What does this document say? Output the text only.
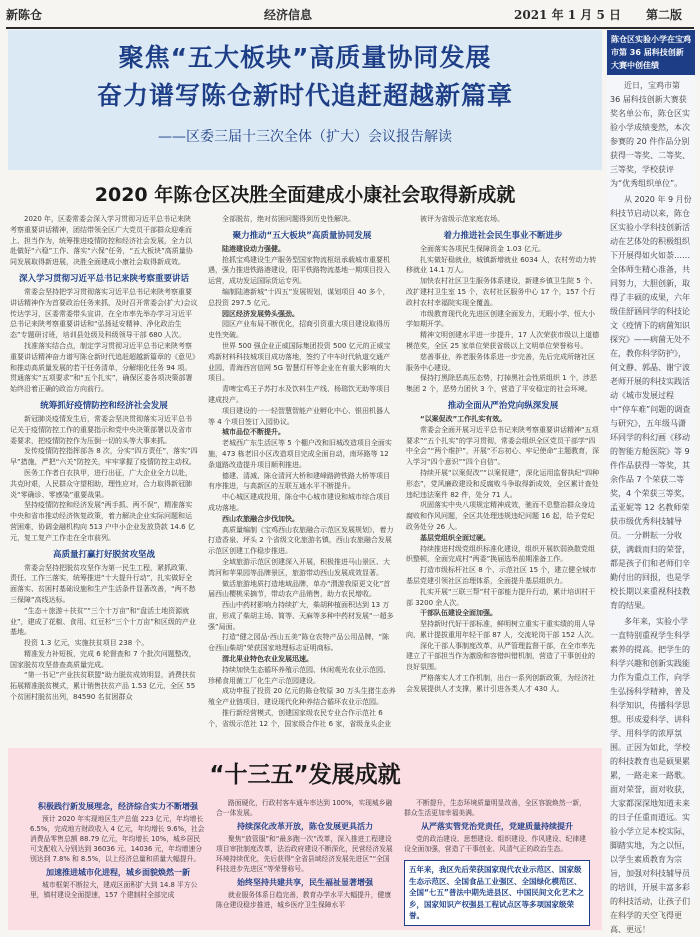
新陈仓	经济信息	2021 年 1 月 5 日 第二版
聚焦“五大板块”高质量协同发展
奋力谱写陈仓新时代追赶超越新篇章
——区委三届十三次全体（扩大）会议报告解读
2020 年陈仓区决胜全面建成小康社会取得新成就

2020 年，区委常委会深入学习贯彻习近平总书记来陕考察重要讲话精神，团结带领全区广大党员干部群众迎难而上、担当作为，统筹推进疫情防控和经济社会发展，全力以赴做好“六稳”工作、落实“六保”任务，“五大板块”高质量协同发展取得新进展，决胜全面建成小康社会取得新成效。

深入学习贯彻习近平总书记来陕考察重要讲话

常委会坚持把学习贯彻落实习近平总书记来陕考察重要讲话精神作为首要政治任务来抓，及时召开常委会(扩大)会议传达学习，区委常委带头宣讲，在全市率先举办学习习近平总书记来陕考察重要讲话和“弘扬延安精神、净化政治生态”专题研讨班，培训县处级及科级领导干部 680 人次。

找准落实结合点，制定学习贯彻习近平总书记来陕考察重要讲话精神奋力谱写陈仓新时代追赶超越新篇章的《意见》和推动高质量发展的若干任务清单，分解细化任务 94 项。贯通落实“五项要求”和“五个扎实”，确保区委各项决策部署始终沿着正确的政治方向前行。

统筹抓好疫情防控和经济社会发展

新冠肺炎疫情发生后，常委会坚决贯彻落实习近平总书记关于疫情防控工作的重要指示和党中央决策部署以及省市委要求，把疫情防控作为压倒一切的头等大事来抓。

发传疫情防控指挥部各 8 次，分实“四方责任”，落实“四早”措施，严把“六关”防控关，牢牢掌握了疫情防控主动权。

医务工作者白衣执甲，进行出征，广大企业全力以赴，共克时艰，人民群众守望相助，理性应对，合力取得新冠肺炎“零确诊、零感染”重要战果。

坚持疫情防控和经济发展“两手抓、两不误”，精准落实中央和省市推动经济恢复政策，着力解决企业实际问题和运营困难，协调金融机构向 513 户中小企业发放贷款 14.6 亿元，复工复产工作走在全市前列。

高质量打赢打好脱贫攻坚战

常委会坚持把脱贫攻坚作为第一民生工程，紧抓政策、责任、工作三落实，统筹推进“十大提升行动”，扎实做好全面落实、贫困村基础设施和生产生活条件显著改善，“两不愁三保障”高线达标。

“生态＋旅游＋扶贫”“三个十万亩”和“盘活土地资源就业”，建成了花椒、食用、红豆杉“三个十万亩”和区级的产业基地。

投资 1.3 亿元，实施扶贫项目 238 个。

精准发力补短板，完成 6 轮督查和 7 个批次问题整改，国家脱贫攻坚普查高质量完成。

“第一书记”产业扶贫联盟“助力脱贫成效明显，消费扶贫拓展精准脱贫模式，累计销售扶贫产品 1.53 亿元，全区 55 个贫困村脱贫出列，84590 名贫困群众

全部脱贫，绝对贫困问题得到历史性解决。

聚力推动“五大板块”高质量协同发展

陆港建设动力强健。

抢抓宝鸡建设生产服务型国家物流枢纽承载城市重要机遇，强力推进铁路港建设，阳平铁路物流基地一期项目投入运营，成功发运国际货运专列。

编制陆港新城“十四五”发展规划，谋划项目 40 多个，总投资 297.5 亿元。

园区经济发展势头强劲。

园区产业布局不断优化，招商引资重大项目建设取得历史性突破。

世界 500 强企业正威国际集团投资 500 亿元的正威宝鸡新材料科技城项目成功落地，签约了中车时代轨道交通产业园、青海西宫信网 5G 智慧灯杆等企业在有重大影响的大项目。

青啤宝鸡王子苏打水及饮料生产线、杨瑞饮无助等项目建成投产。

项目建设的一一轻智慧智能产业孵化中心、银田机器人等 4 个项目签订入园协议。

城市品位不断提升。

老城西广东生活区等 5 个棚户改和旧城改造项目全面实施，473 栋老旧小区改造项目完成全面自动，南环路等 12 条道路改造提升项目顺利推进。

德建、清减、陈仓清河大桥和建峰路跨铁路大桥等项目有序推进，与高新区的互联互通水平不断提升。

中心城区建成投用，陈仓中心城市建设和城市综合项目成功落地。

西山农旅融合步伐加快。

高质量编制《宝鸡西山农旅融合示范区发展规划》，着力打造香泉、坪头 2 个省级文化旅游名镇，西山农旅融合发展示范区创建工作稳步推进。

全域旅游示范区创建深入开展，积极推进马山景区、大湾河和苹果园等品牌景区，旅游带动西山发展成效显著。

做活旅游地质打造地域品牌，单办“渭游我原更文化”首届西山樱桃采摘节，带动农产品销售，助力农民增收。

西山中药材影响力持续扩大，柴胡种植面积达到 13 万亩，形成了柴胡主场、简等、天麻等多种中药材发展“一超多强”局面。

打造“健之园品·西山五美”陈仓农特产品公用品牌，“陈仓西山柴胡”荣获国家地理标志证明商标。

渭北果业特色农业发展迅速。

持续加快生态循环养殖示范园、休闲观光农业示范园、珍稀食用菌工厂化生产示范园建设。

成功申报了投资 20 亿元的陈仓牧原 30 万头生猪生态养殖全产业链项目，建设现代化种养结合循环农业示范园。

推行新经营模式，创建国家级农民专业合作示范社 6 个，省级示范社 12 个，国家级合作社 6 家，省级龙头企业

被评为省级示范家庭农场。

着力推进社会民生事业不断进步

全面落实各项民生保障资金 1.03 亿元。

扎实做好稳就业，城镇新增就业 6034 人，农村劳动力转移就业 14.1 万人。

加快农村社区卫生服务体系建设，新建乡镇卫生院 5 个、改扩建村卫生室 15 个，农村社区服务中心 17 个，157 个行政村农村幸福院实现全覆盖。

市级教育现代化先进区创建全面发力，无暇小学、恒大小学如期开学。

精神文明创建水平进一步提升，17 人次荣获市级以上道德模范奖，全区 25 家单位荣获省级以上文明单位荣誉称号。

慈善事业，养老服务体系进一步完善，先后完成所辖社区服务中心建设。

保持打黑除恶高压态势，打掉黑社会性质组织 1 个，涉恶集团 2 个，恶势力团伙 3 个，营造了平安稳定的社会环境。

推动全面从严治党向纵深发展

“以案促改”工作扎实有效。

常委会全面开展习近平总书记来陕考察重要讲话精神“五项要求”“五个扎实”的学习贯彻，常委会组织全区党员干部学“四中全会”“两个维护”，开展“不忘初心、牢记使命”主题教育，深入学习“四个意识”“四个自信”。

持续开展“以案促改”“以案促建”，深化运用监督执纪“四种形态”，党风廉政建设和反腐败斗争取得新成效，全区累计查处违纪违法案件 82 件，处分 71 人。

巩固落实中央八项规定精神成效，驰而不息整治群众身边腐败和作风问题，全区共处理违规违纪问题 16 起，给予党纪政务处分 26 人。

基层党组织全面过硬。

持续推进村级党组织标准化建设，组织开展软弱涣散党组织整顿，全面完成村“两委”换届选举前期准备工作。

打造市级标杆社区 8 个、示范社区 15 个，建立健全城市基层党建引领社区治理体系，全面提升基层组织力。

扎实开展“三联三帮”村干部能力提升行动，累计培训村干部 3200 余人次。

干部队伍建设全面加强。

坚持新时代好干部标准，鲜明树立重实干重实绩的用人导向，累计提拔重用年轻干部 87 人，交流轮岗干部 152 人次。

深化干部人事制度改革，从严管理监督干部，在全市率先建立了干部担当作为激励和容错纠错机制，营造了干事创业的良好氛围。

严格落实人才工作机制，出台一系列创新政策，为经济社会发展提供人才支撑，累计引进各类人才 430 人。

陈仓区实验小学在宝鸡市第 36 届科技创新大赛中创佳绩

近日，宝鸡市第 36 届科技创新大赛获奖名单公布，陈仓区实验小学成绩斐然，本次参赛的 20 件作品分别获得一等奖、二等奖、三等奖，学校获评为“优秀组织单位”。

从 2020 年 9 月份科技节启动以来，陈仓区实验小学科技创新活动在艺体处的积极组织下开展得如火如荼……全体师生精心准备，共同努力，大胆创新，取得了丰硕的成果，六年级佳舒涵同学的科技论文《疫情下的病菌知识探究》——病菌无处不在，教你科学防护》，何文静、郭晶、谢宁波老师开展的科技实践活动《城市发展过程中“停车难”问题的调查与研究》，五年级马潇环同学的科幻画《移动的智能方舱医院》等 9 件作品获得一等奖，其余作品 7 个荣获二等奖，4 个荣获三等奖，孟亚妮等 12 名教师荣获市级优秀科技辅导员。一分耕耘一分收获，满载而归的荣誉，都是孩子们和老师们辛勤付出的回报，也是学校长期以来重视科技教育的结果。

多年来，实验小学一直特别重视学生科学素养的提高。把学生的科学兴趣和创新实践能力作为重点工作，向学生弘扬科学精神，普及科学知识，传播科学思想。形成爱科学、讲科学、用科学的浓厚氛围。正因为如此，学校的科技教育也是硕果累累，一路走来一路歌。面对荣誉，面对收获，大家都深深地知道未来的日子任重而道远。实验小学立足本校实际，脚踏实地，为之以恒，以学生素质教育为宗旨，加强对科技辅导员的培训，开展丰富多彩的科技活动，让孩子们在科学的天空飞得更高、更远！

“十三五”发展成就
积极践行新发展理念，经济综合实力不断增强

预计 2020 年实现地区生产总值 223 亿元，年均增长 6.5%，完成地方财政收入 4 亿元，年均增长 9.6%，社会消费品零售总额 88.79 亿元，年均增长 10%，城乡居民可支配收入分别达到 36036 元、14036 元，年均增速分别达到 7.8% 和 8.5%，以上经济总量和质量大幅提升。

加速推进城市化进程，城乡面貌焕然一新

城市框架不断拉大，建成区面积扩大到 14.8 平方公里，镇村建设全面提速，157 个建制村全部完成

路面硬化，行政村客车通车率达到 100%，实现城乡融合一体发展。

持续深化改革开放，陈仓发展更具活力

聚焦“放管服”和“最多跑一次”改革，深入推进工程建设项目审批制度改革，法治政府建设不断深化，民营经济发展环境持续优化，先后获得“全省县域经济发展先进区”“全国科技进步先进区”等荣誉称号。

始终坚持共建共享，民生福祉显著增强

就业服务体系日趋完善，教育办学水平大幅提升，健康陈仓建设稳步推进，城乡医疗卫生保障水平

不断提升，生态环境质量明显改善，全区容貌焕然一新，群众生活更加幸福美满。

从严落实管党治党责任，党建质量持续提升

党的政治建设、思想建设、组织建设、作风建设、纪律建设全面加强，营造了干事创业、风清气正的政治生态。

五年来，我区先后荣获国家现代农业示范区、国家级生态示范区、全国食品工业强区、全国绿化模范区、全国“七五”普法中期先进县区、中国民间文化艺术之乡，国家知识产权强县工程试点区等多项国家级荣誉。
